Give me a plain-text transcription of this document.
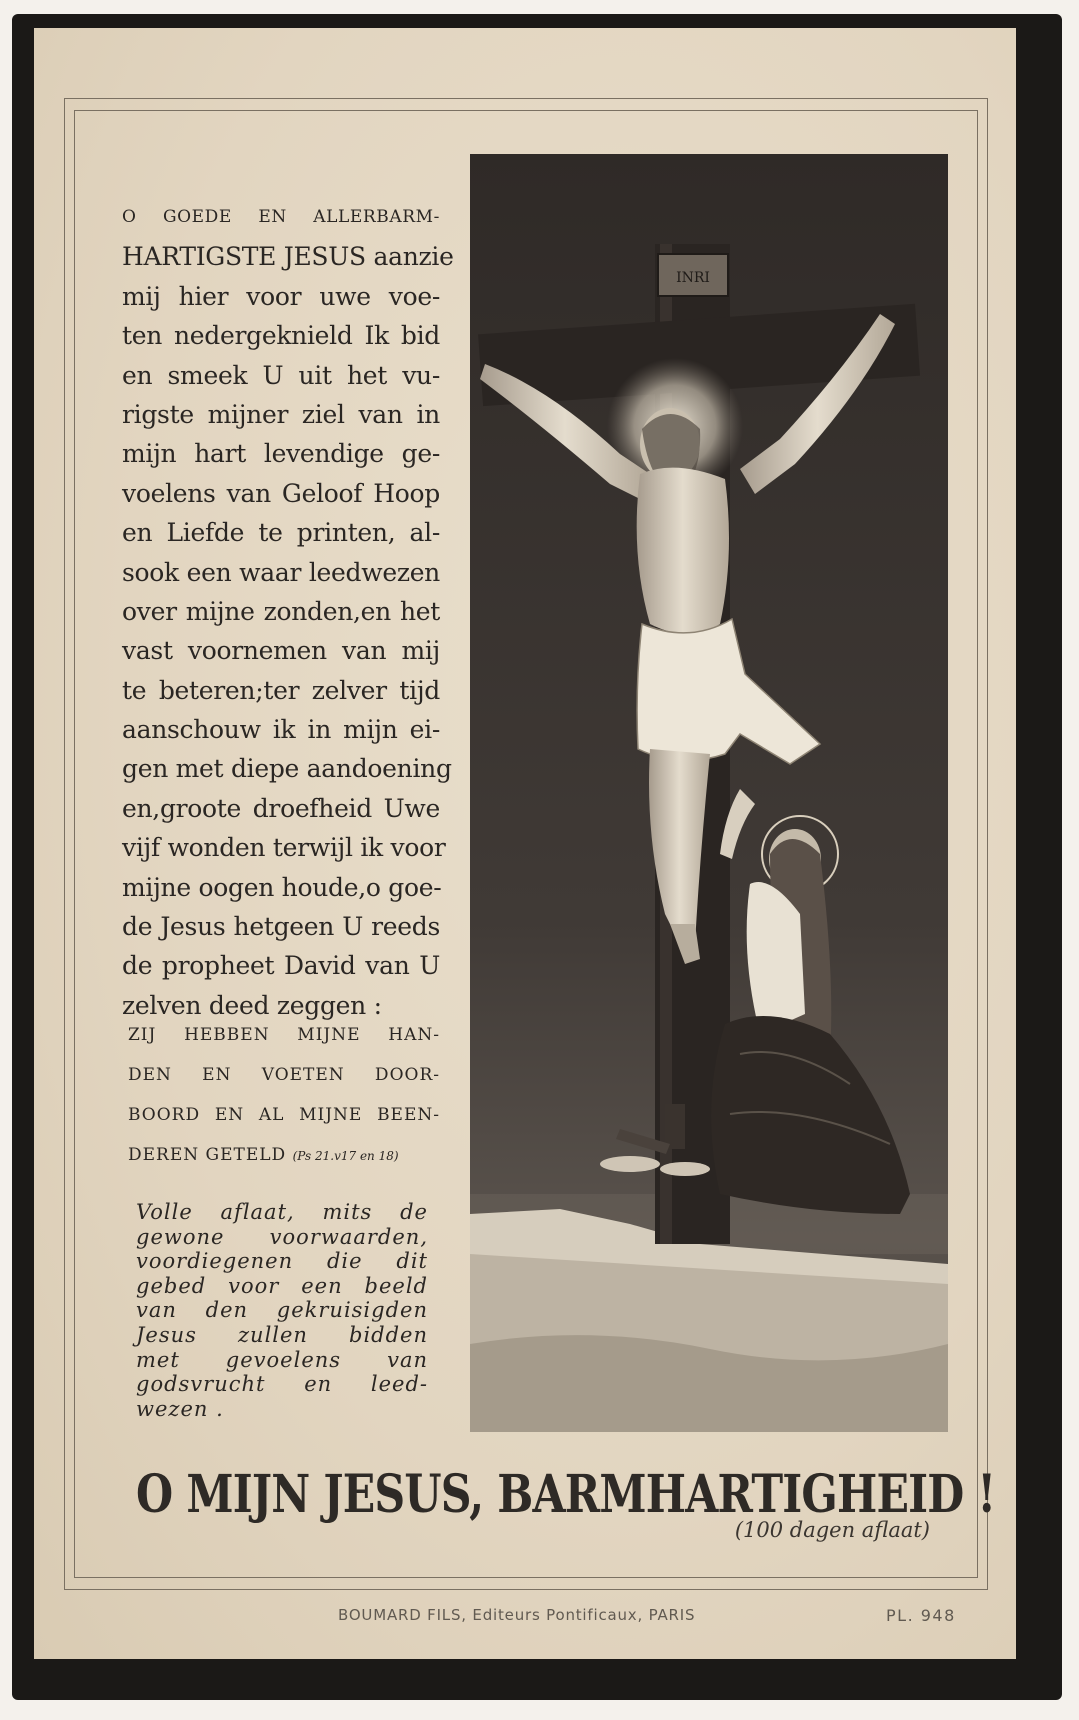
O GOEDE EN ALLERBARM-
HARTIGSTE JESUS aanzie
mij hier voor uwe voe-
ten nedergeknield Ik bid
en smeek U uit het vu-
rigste mijner ziel van in
mijn hart levendige ge-
voelens van Geloof Hoop
en Liefde te printen, al-
sook een waar leedwezen
over mijne zonden,en het
vast voornemen van mij
te beteren;ter zelver tijd
aanschouw ik in mijn ei-
gen met diepe aandoening
en,groote droefheid Uwe
vijf wonden terwijl ik voor
mijne oogen houde,o goe-
de Jesus hetgeen U reeds
de propheet David van U
zelven deed zeggen :
ZIJ HEBBEN MIJNE HAN-
DEN EN VOETEN DOOR-
BOORD EN AL MIJNE BEEN-
DEREN GETELD (Ps 21.v17 en 18)
Volle aflaat, mits de
gewone voorwaarden,
voordiegenen die dit
gebed voor een beeld
van den gekruisigden
Jesus zullen bidden
met gevoelens van
godsvrucht en leed-
wezen .
INRI
O MIJN JESUS, BARMHARTIGHEID !
(100 dagen aflaat)
BOUMARD FILS, Editeurs Pontificaux, PARIS	PL. 948
